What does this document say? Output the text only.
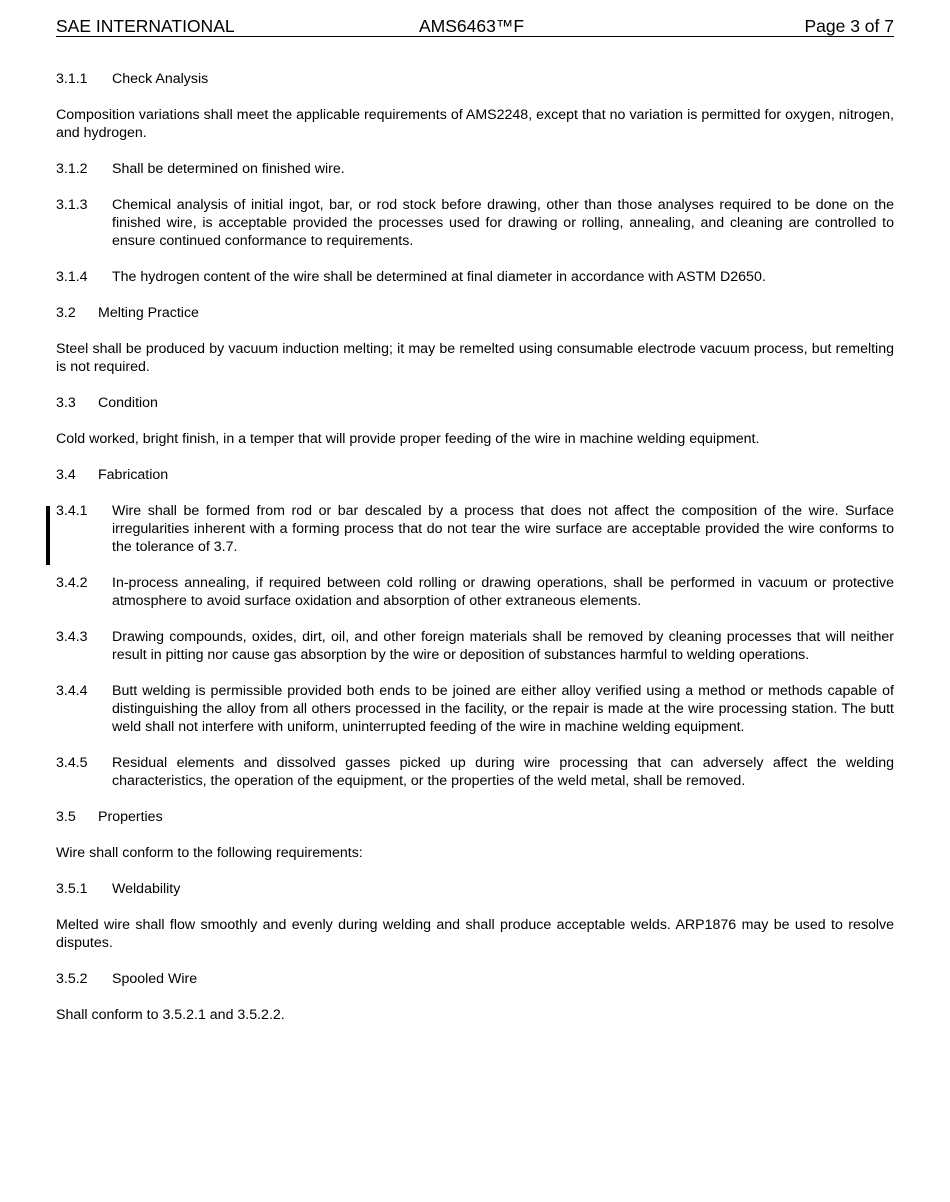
SAE INTERNATIONAL	AMS6463™F	Page 3 of 7
3.1.1	Check Analysis

Composition variations shall meet the applicable requirements of AMS2248, except that no variation is permitted for oxygen, nitrogen, and hydrogen.

3.1.2	Shall be determined on finished wire.
3.1.3	Chemical analysis of initial ingot, bar, or rod stock before drawing, other than those analyses required to be done on the finished wire, is acceptable provided the processes used for drawing or rolling, annealing, and cleaning are controlled to ensure continued conformance to requirements.
3.1.4	The hydrogen content of the wire shall be determined at final diameter in accordance with ASTM D2650.
3.2	Melting Practice

Steel shall be produced by vacuum induction melting; it may be remelted using consumable electrode vacuum process, but remelting is not required.

3.3	Condition

Cold worked, bright finish, in a temper that will provide proper feeding of the wire in machine welding equipment.

3.4	Fabrication
3.4.1	Wire shall be formed from rod or bar descaled by a process that does not affect the composition of the wire. Surface irregularities inherent with a forming process that do not tear the wire surface are acceptable provided the wire conforms to the tolerance of 3.7.
3.4.2	In-process annealing, if required between cold rolling or drawing operations, shall be performed in vacuum or protective atmosphere to avoid surface oxidation and absorption of other extraneous elements.
3.4.3	Drawing compounds, oxides, dirt, oil, and other foreign materials shall be removed by cleaning processes that will neither result in pitting nor cause gas absorption by the wire or deposition of substances harmful to welding operations.
3.4.4	Butt welding is permissible provided both ends to be joined are either alloy verified using a method or methods capable of distinguishing the alloy from all others processed in the facility, or the repair is made at the wire processing station. The butt weld shall not interfere with uniform, uninterrupted feeding of the wire in machine welding equipment.
3.4.5	Residual elements and dissolved gasses picked up during wire processing that can adversely affect the welding characteristics, the operation of the equipment, or the properties of the weld metal, shall be removed.
3.5	Properties

Wire shall conform to the following requirements:

3.5.1	Weldability

Melted wire shall flow smoothly and evenly during welding and shall produce acceptable welds. ARP1876 may be used to resolve disputes.

3.5.2	Spooled Wire

Shall conform to 3.5.2.1 and 3.5.2.2.
